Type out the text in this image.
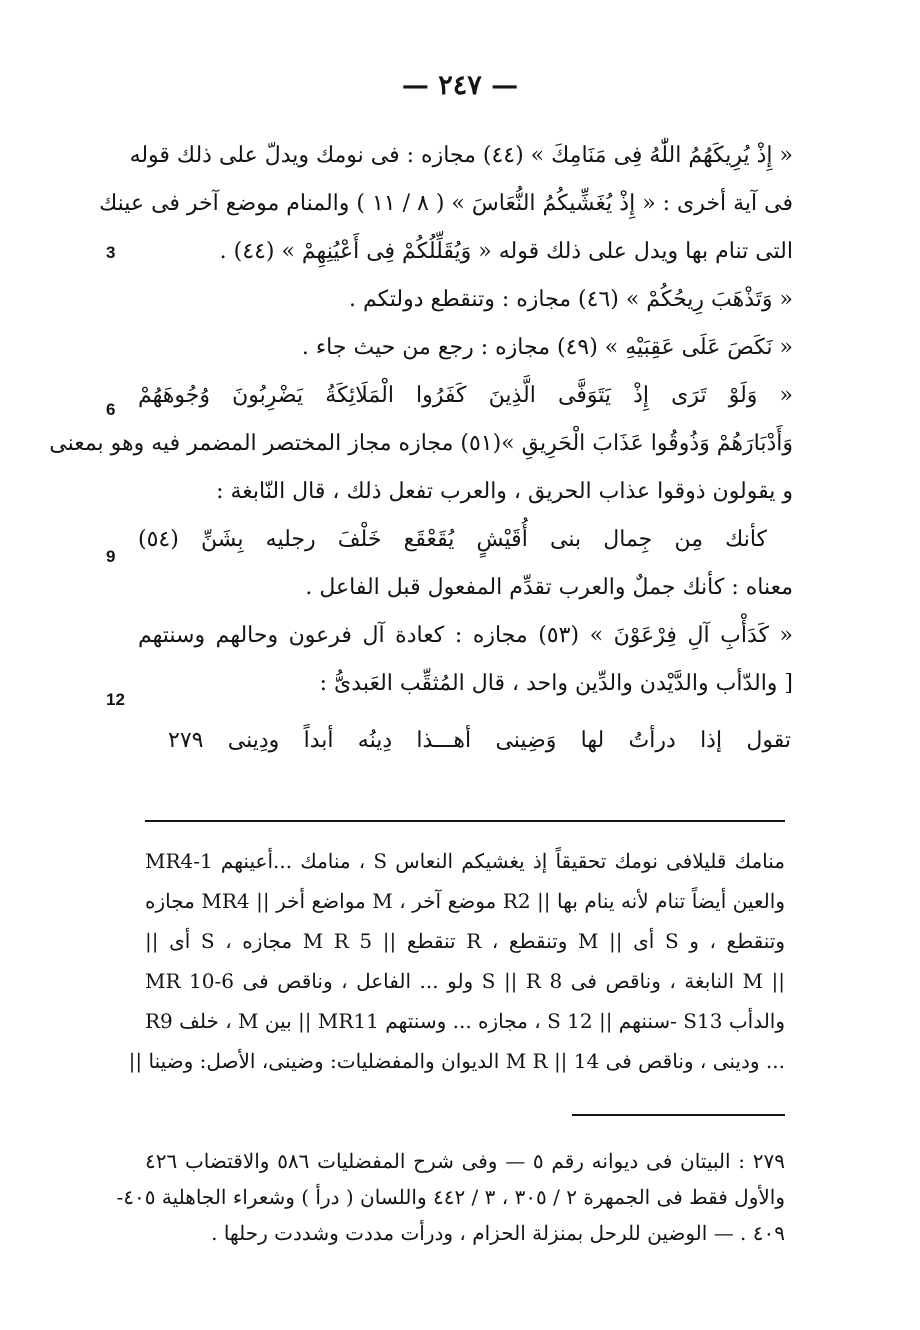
— ٢٤٧ —
3
6
9
12
« إِذْ يُرِيكَهُمُ اللّٰهُ فِى مَنَامِكَ » (٤٤) مجازه : فى نومك ويدلّ على ذلك قوله
فى آية أخرى : « إِذْ يُغَشِّيكُمُ النُّعَاسَ » ( ٨ / ١١ ) والمنام موضع آخر فى عينك
التى تنام بها ويدل على ذلك قوله « وَيُقَلِّلُكُمْ فِى أَعْيُنِهِمْ » (٤٤) .
« وَتَذْهَبَ رِيحُكُمْ » (٤٦) مجازه : وتنقطع دولتكم .
« نَكَصَ عَلَى عَقِبَيْهِ » (٤٩) مجازه : رجع من حيث جاء .
« وَلَوْ تَرَى إِذْ يَتَوَفَّى الَّذِينَ كَفَرُوا الْمَلَائِكَةُ يَضْرِبُونَ وُجُوهَهُمْ
وَأَدْبَارَهُمْ وَذُوقُوا عَذَابَ الْحَرِيقِ »(٥١) مجازه مجاز المختصر المضمر فيه وهو بمعنى
و يقولون ذوقوا عذاب الحريق ، والعرب تفعل ذلك ، قال النّابغة :
كأنك مِن جِمال بنى أُقَيْشٍ يُقَعْقَع خَلْفَ رجليه بِشَنِّ (٥٤)
معناه : كأنك جملٌ والعرب تقدِّم المفعول قبل الفاعل .
« كَدَأْبِ آلِ فِرْعَوْنَ » (٥٣) مجازه : كعادة آل فرعون وحالهم وسنتهم
[ والدّأب والدَّيْدن والدِّين واحد ، قال المُثقِّب العَبدىُّ :
تقول إذا درأتُ لها وَضِينى أهـــذا دِينُه أبداً ودِينى ٢٧٩
MR4-1 منامك ...أعينهم ، S منامك قليلافى نومك تحقيقاً إذ يغشيكم النعاس
والعين أيضاً تنام لأنه ينام بها || R2 موضع آخر ، M مواضع أخر || MR4 مجازه
وتنقطع ، و S أى || M وتنقطع ، R تنقطع || M R 5 مجازه ، S أى ||
MR 10-6 ولو ... الفاعل ، وناقص فى S || R 8 النابغة ، وناقص فى M ||
R9 خلف ، M بين || MR11 مجازه ... وسنتهم ، S سننهم || 12- S13 والدأب
... ودينى ، وناقص فى M R || 14 الديوان والمفضليات: وضينى، الأصل: وضينا ||
٢٧٩ : البيتان فى ديوانه رقم ٥ — وفى شرح المفضليات ٥٨٦ والاقتضاب ٤٢٦
والأول فقط فى الجمهرة ٢ / ٣٠٥ ، ٣ / ٤٤٢ واللسان ( درأ ) وشعراء الجاهلية ٤٠٥-
٤٠٩ . — الوضين للرحل بمنزلة الحزام ، ودرأت مددت وشددت رحلها .
